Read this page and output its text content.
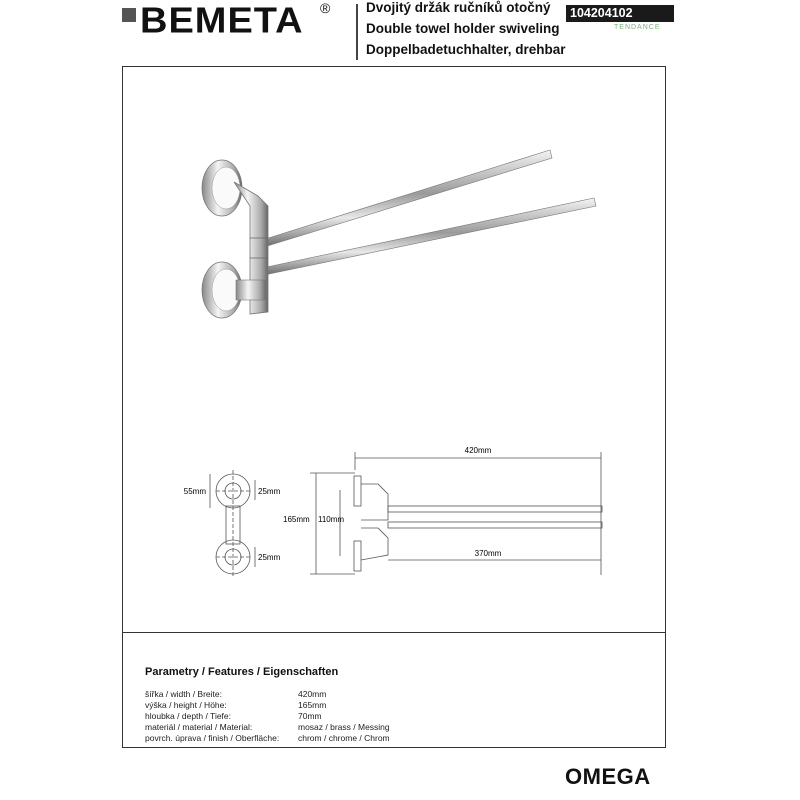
BEMETA ®	Dvojitý držák ručníků otočný
Double towel holder swiveling
Doppelbadetuchhalter, drehbar
104204102
TENDANCE
55mm	25mm
25mm
420mm
165mm 110mm
370mm
Parametry / Features / Eigenschaften
šířka / width / Breite:	420mm
výška / height / Höhe:	165mm
hloubka / depth / Tiefe:	70mm
materiál / material / Material:	mosaz / brass / Messing
povrch. úprava / finish / Oberfläche: chrom / chrome / Chrom
OMEGA
